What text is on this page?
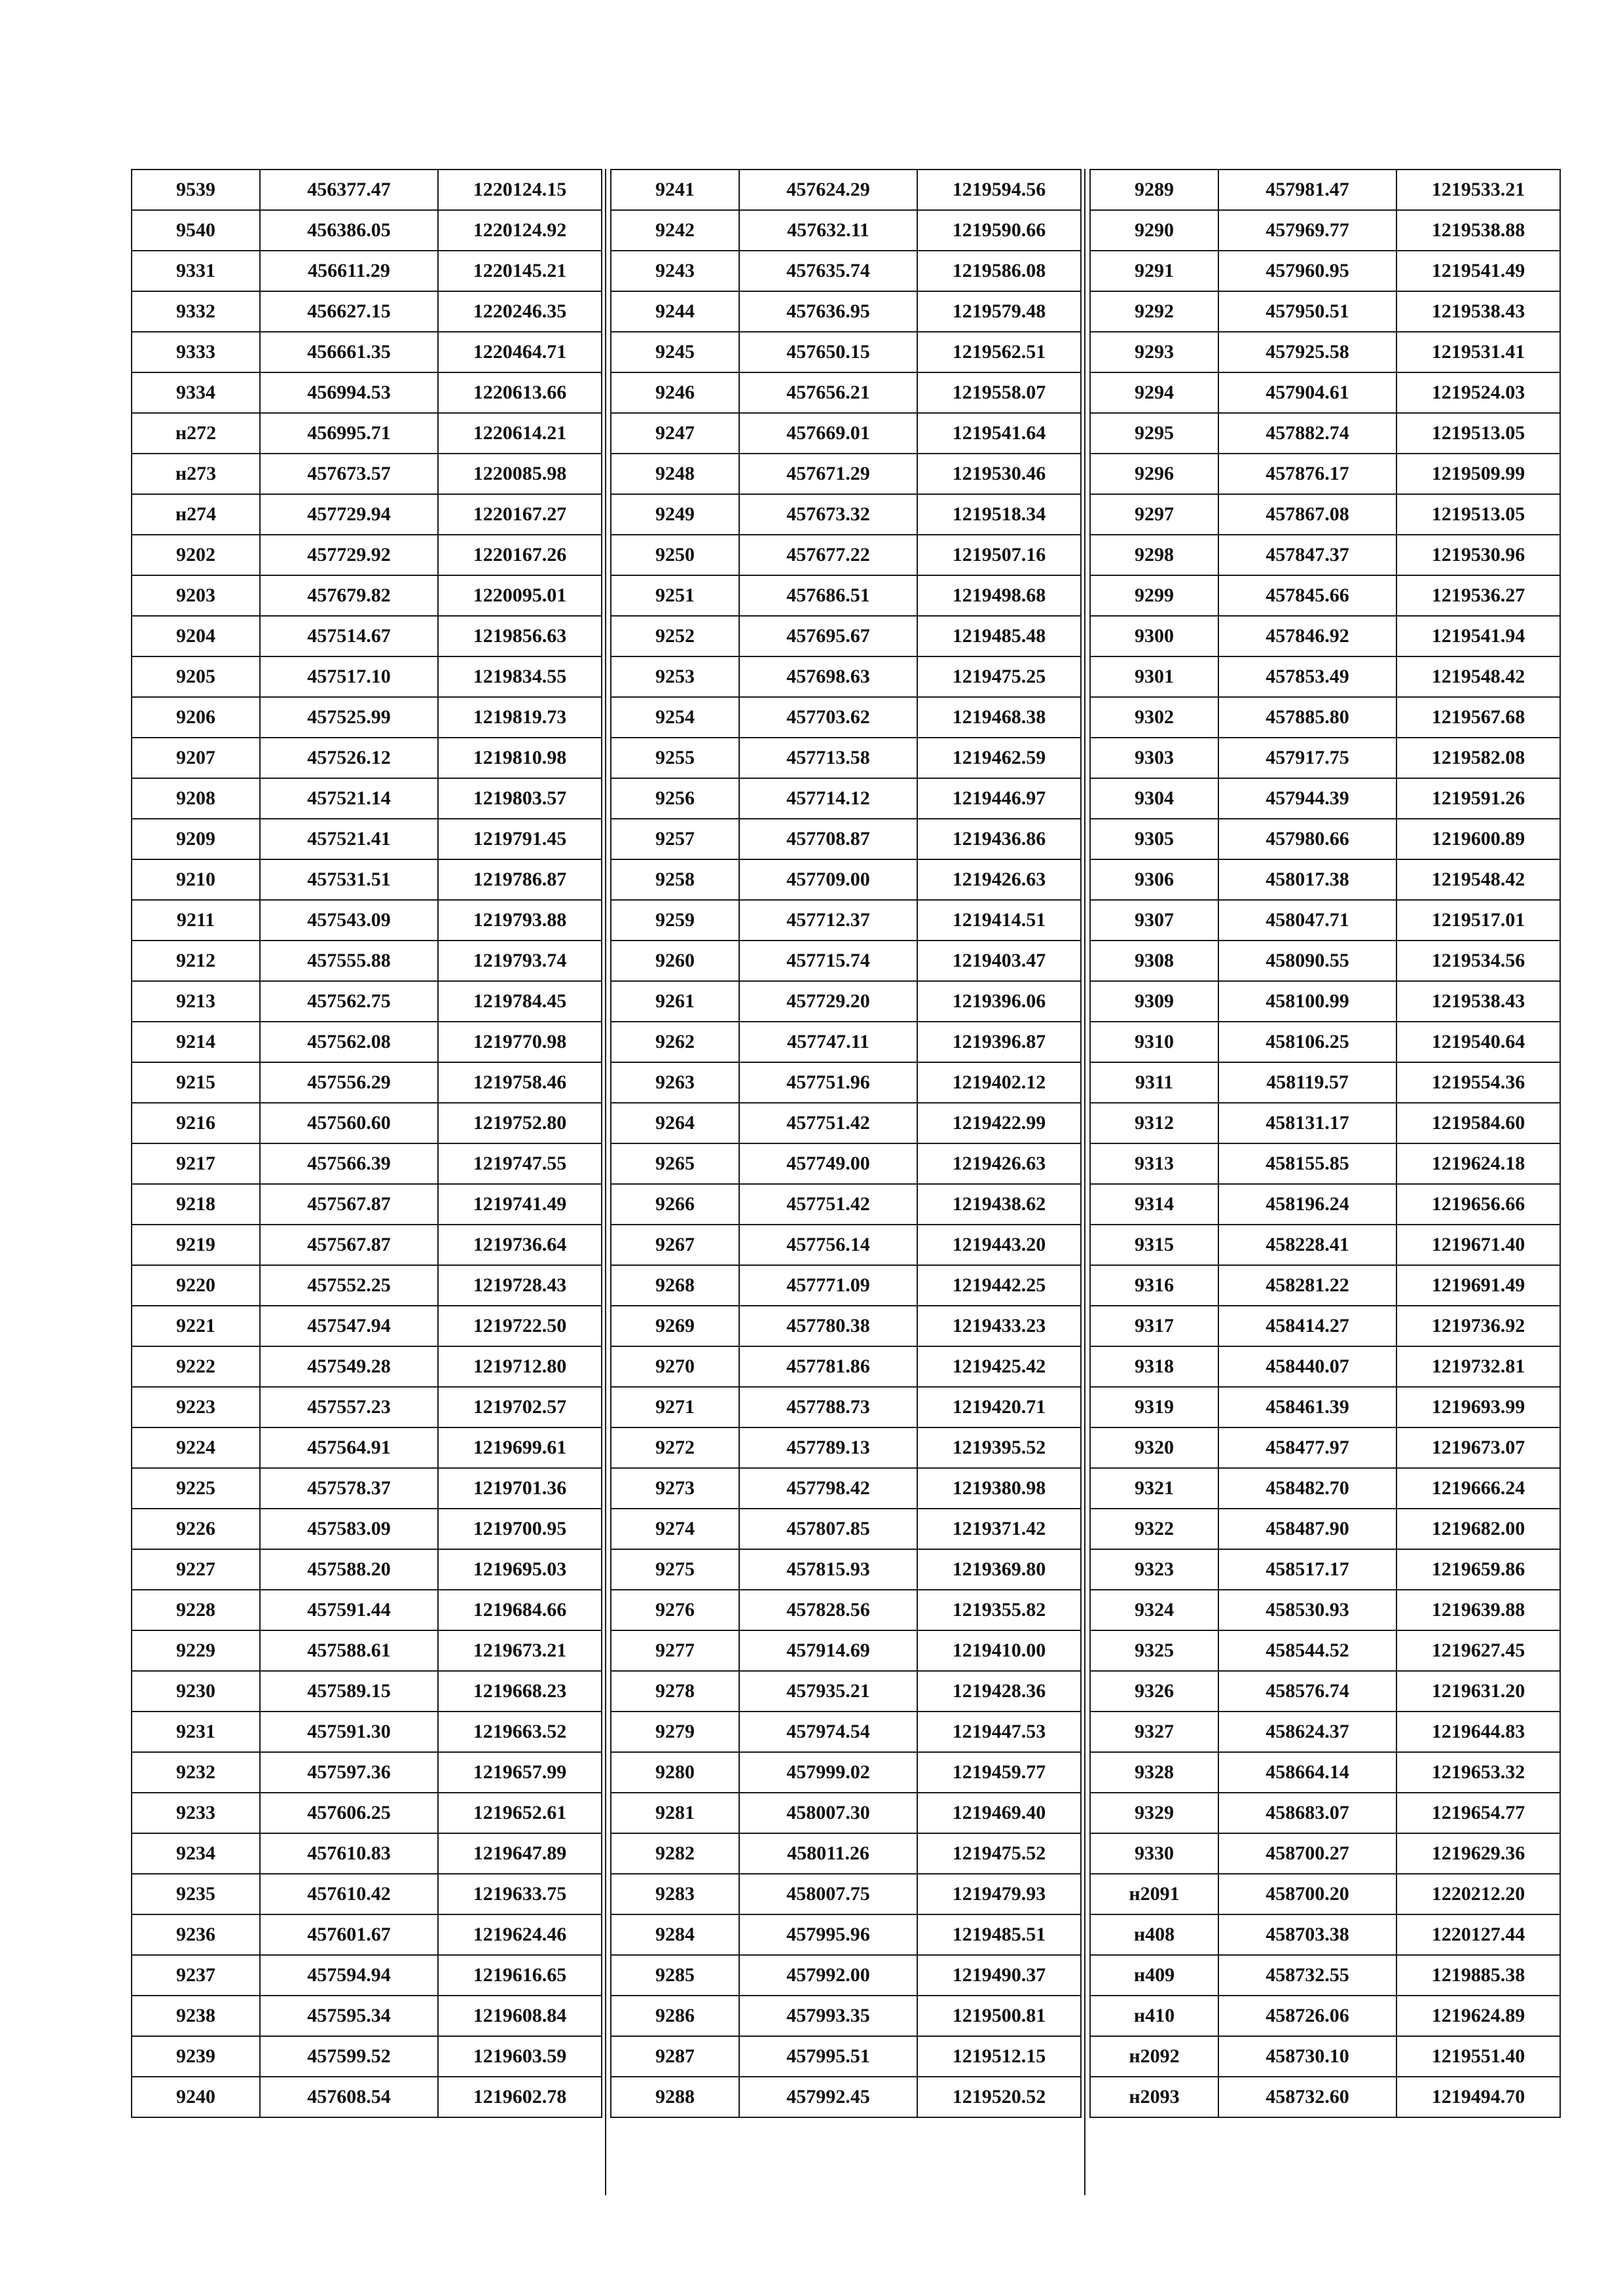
9539	456377.47	1220124.15
9540	456386.05	1220124.92
9331	456611.29	1220145.21
9332	456627.15	1220246.35
9333	456661.35	1220464.71
9334	456994.53	1220613.66
н272	456995.71	1220614.21
н273	457673.57	1220085.98
н274	457729.94	1220167.27
9202	457729.92	1220167.26
9203	457679.82	1220095.01
9204	457514.67	1219856.63
9205	457517.10	1219834.55
9206	457525.99	1219819.73
9207	457526.12	1219810.98
9208	457521.14	1219803.57
9209	457521.41	1219791.45
9210	457531.51	1219786.87
9211	457543.09	1219793.88
9212	457555.88	1219793.74
9213	457562.75	1219784.45
9214	457562.08	1219770.98
9215	457556.29	1219758.46
9216	457560.60	1219752.80
9217	457566.39	1219747.55
9218	457567.87	1219741.49
9219	457567.87	1219736.64
9220	457552.25	1219728.43
9221	457547.94	1219722.50
9222	457549.28	1219712.80
9223	457557.23	1219702.57
9224	457564.91	1219699.61
9225	457578.37	1219701.36
9226	457583.09	1219700.95
9227	457588.20	1219695.03
9228	457591.44	1219684.66
9229	457588.61	1219673.21
9230	457589.15	1219668.23
9231	457591.30	1219663.52
9232	457597.36	1219657.99
9233	457606.25	1219652.61
9234	457610.83	1219647.89
9235	457610.42	1219633.75
9236	457601.67	1219624.46
9237	457594.94	1219616.65
9238	457595.34	1219608.84
9239	457599.52	1219603.59
9240	457608.54	1219602.78
9241	457624.29	1219594.56
9242	457632.11	1219590.66
9243	457635.74	1219586.08
9244	457636.95	1219579.48
9245	457650.15	1219562.51
9246	457656.21	1219558.07
9247	457669.01	1219541.64
9248	457671.29	1219530.46
9249	457673.32	1219518.34
9250	457677.22	1219507.16
9251	457686.51	1219498.68
9252	457695.67	1219485.48
9253	457698.63	1219475.25
9254	457703.62	1219468.38
9255	457713.58	1219462.59
9256	457714.12	1219446.97
9257	457708.87	1219436.86
9258	457709.00	1219426.63
9259	457712.37	1219414.51
9260	457715.74	1219403.47
9261	457729.20	1219396.06
9262	457747.11	1219396.87
9263	457751.96	1219402.12
9264	457751.42	1219422.99
9265	457749.00	1219426.63
9266	457751.42	1219438.62
9267	457756.14	1219443.20
9268	457771.09	1219442.25
9269	457780.38	1219433.23
9270	457781.86	1219425.42
9271	457788.73	1219420.71
9272	457789.13	1219395.52
9273	457798.42	1219380.98
9274	457807.85	1219371.42
9275	457815.93	1219369.80
9276	457828.56	1219355.82
9277	457914.69	1219410.00
9278	457935.21	1219428.36
9279	457974.54	1219447.53
9280	457999.02	1219459.77
9281	458007.30	1219469.40
9282	458011.26	1219475.52
9283	458007.75	1219479.93
9284	457995.96	1219485.51
9285	457992.00	1219490.37
9286	457993.35	1219500.81
9287	457995.51	1219512.15
9288	457992.45	1219520.52
9289	457981.47	1219533.21
9290	457969.77	1219538.88
9291	457960.95	1219541.49
9292	457950.51	1219538.43
9293	457925.58	1219531.41
9294	457904.61	1219524.03
9295	457882.74	1219513.05
9296	457876.17	1219509.99
9297	457867.08	1219513.05
9298	457847.37	1219530.96
9299	457845.66	1219536.27
9300	457846.92	1219541.94
9301	457853.49	1219548.42
9302	457885.80	1219567.68
9303	457917.75	1219582.08
9304	457944.39	1219591.26
9305	457980.66	1219600.89
9306	458017.38	1219548.42
9307	458047.71	1219517.01
9308	458090.55	1219534.56
9309	458100.99	1219538.43
9310	458106.25	1219540.64
9311	458119.57	1219554.36
9312	458131.17	1219584.60
9313	458155.85	1219624.18
9314	458196.24	1219656.66
9315	458228.41	1219671.40
9316	458281.22	1219691.49
9317	458414.27	1219736.92
9318	458440.07	1219732.81
9319	458461.39	1219693.99
9320	458477.97	1219673.07
9321	458482.70	1219666.24
9322	458487.90	1219682.00
9323	458517.17	1219659.86
9324	458530.93	1219639.88
9325	458544.52	1219627.45
9326	458576.74	1219631.20
9327	458624.37	1219644.83
9328	458664.14	1219653.32
9329	458683.07	1219654.77
9330	458700.27	1219629.36
н2091	458700.20	1220212.20
н408	458703.38	1220127.44
н409	458732.55	1219885.38
н410	458726.06	1219624.89
н2092	458730.10	1219551.40
н2093	458732.60	1219494.70
